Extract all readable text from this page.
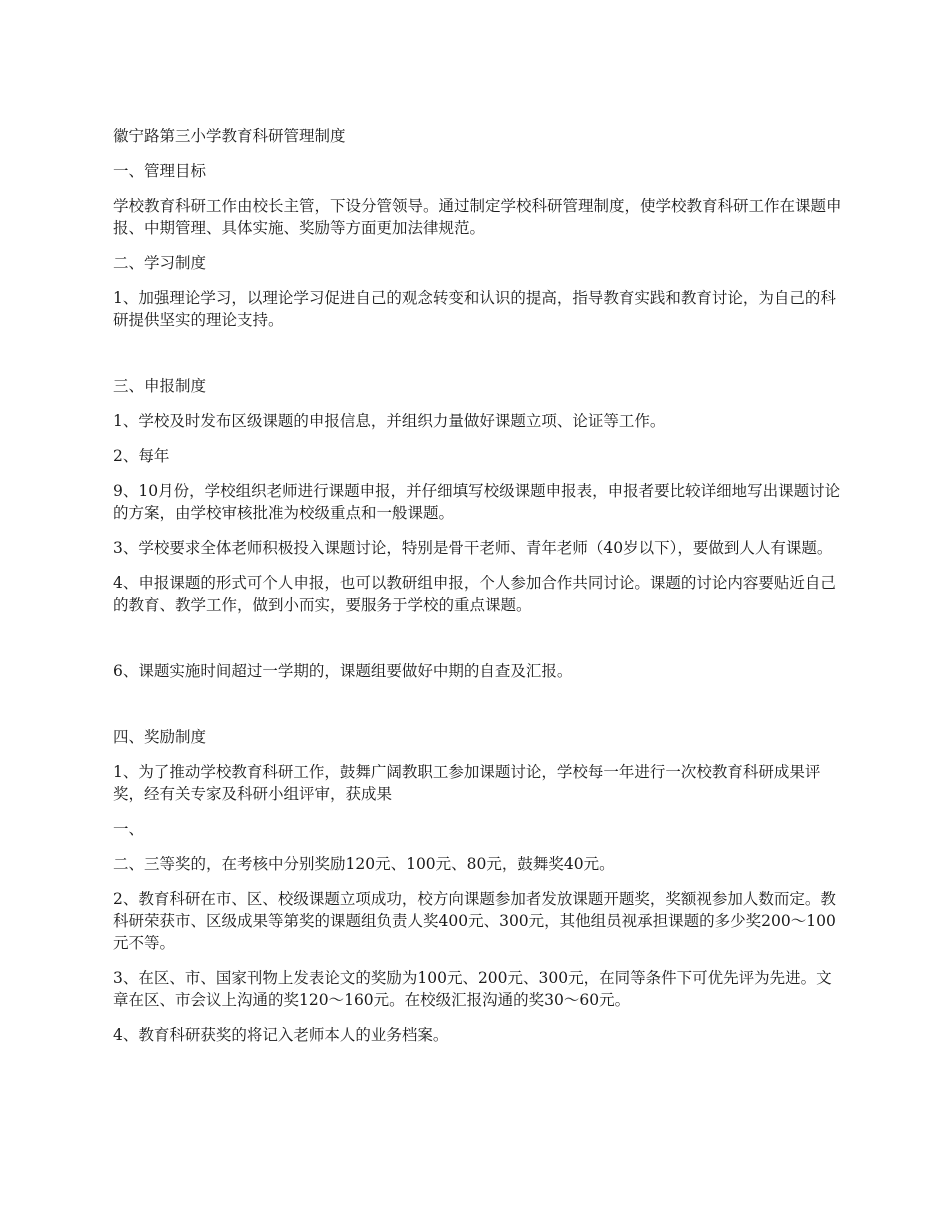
徽宁路第三小学教育科研管理制度

一、管理目标

学校教育科研工作由校长主管，下设分管领导。通过制定学校科研管理制度，使学校教育科研工作在课题申报、中期管理、具体实施、奖励等方面更加法律规范。

二、学习制度

1、加强理论学习，以理论学习促进自己的观念转变和认识的提高，指导教育实践和教育讨论，为自己的科研提供坚实的理论支持。

三、申报制度

1、学校及时发布区级课题的申报信息，并组织力量做好课题立项、论证等工作。

2、每年

9、10月份，学校组织老师进行课题申报，并仔细填写校级课题申报表，申报者要比较详细地写出课题讨论的方案，由学校审核批准为校级重点和一般课题。

3、学校要求全体老师积极投入课题讨论，特别是骨干老师、青年老师（40岁以下），要做到人人有课题。

4、申报课题的形式可个人申报，也可以教研组申报，个人参加合作共同讨论。课题的讨论内容要贴近自己的教育、教学工作，做到小而实，要服务于学校的重点课题。

6、课题实施时间超过一学期的，课题组要做好中期的自查及汇报。

四、奖励制度

1、为了推动学校教育科研工作，鼓舞广阔教职工参加课题讨论，学校每一年进行一次校教育科研成果评奖，经有关专家及科研小组评审，获成果

一、

二、三等奖的，在考核中分别奖励120元、100元、80元，鼓舞奖40元。

2、教育科研在市、区、校级课题立项成功，校方向课题参加者发放课题开题奖，奖额视参加人数而定。教科研荣获市、区级成果等第奖的课题组负责人奖400元、300元，其他组员视承担课题的多少奖200～100元不等。

3、在区、市、国家刊物上发表论文的奖励为100元、200元、300元，在同等条件下可优先评为先进。文章在区、市会议上沟通的奖120～160元。在校级汇报沟通的奖30～60元。

4、教育科研获奖的将记入老师本人的业务档案。
